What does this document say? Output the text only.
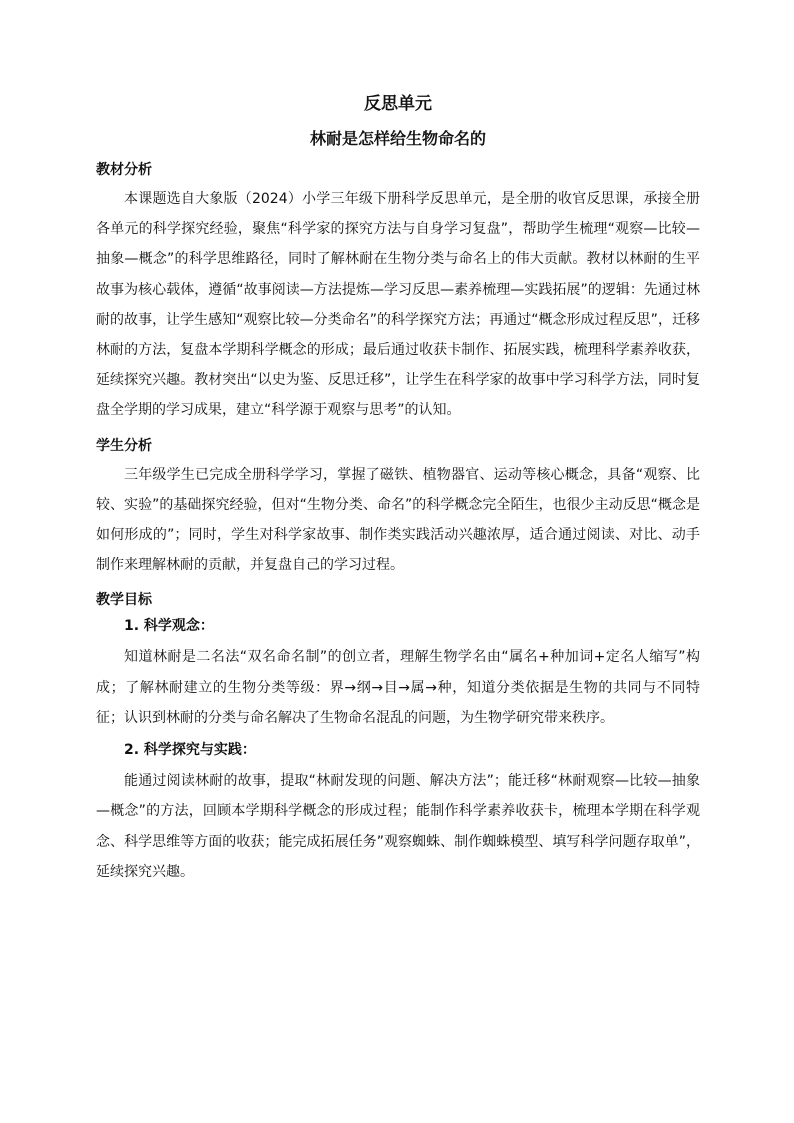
反思单元
林耐是怎样给生物命名的
教材分析

本课题选自大象版（2024）小学三年级下册科学反思单元，是全册的收官反思课，承接全册各单元的科学探究经验，聚焦“科学家的探究方法与自身学习复盘”，帮助学生梳理“观察—比较—抽象—概念”的科学思维路径，同时了解林耐在生物分类与命名上的伟大贡献。教材以林耐的生平故事为核心载体，遵循“故事阅读—方法提炼—学习反思—素养梳理—实践拓展”的逻辑：先通过林耐的故事，让学生感知“观察比较—分类命名”的科学探究方法；再通过“概念形成过程反思”，迁移林耐的方法，复盘本学期科学概念的形成；最后通过收获卡制作、拓展实践，梳理科学素养收获，延续探究兴趣。教材突出“以史为鉴、反思迁移”，让学生在科学家的故事中学习科学方法，同时复盘全学期的学习成果，建立“科学源于观察与思考”的认知。

学生分析

三年级学生已完成全册科学学习，掌握了磁铁、植物器官、运动等核心概念，具备“观察、比较、实验”的基础探究经验，但对“生物分类、命名”的科学概念完全陌生，也很少主动反思“概念是如何形成的”；同时，学生对科学家故事、制作类实践活动兴趣浓厚，适合通过阅读、对比、动手制作来理解林耐的贡献，并复盘自己的学习过程。

教学目标
1. 科学观念：

知道林耐是二名法“双名命名制”的创立者，理解生物学名由“属名+种加词+定名人缩写”构成；了解林耐建立的生物分类等级：界→纲→目→属→种，知道分类依据是生物的共同与不同特征；认识到林耐的分类与命名解决了生物命名混乱的问题，为生物学研究带来秩序。

2. 科学探究与实践：

能通过阅读林耐的故事，提取“林耐发现的问题、解决方法”；能迁移“林耐观察—比较—抽象—概念”的方法，回顾本学期科学概念的形成过程；能制作科学素养收获卡，梳理本学期在科学观念、科学思维等方面的收获；能完成拓展任务”观察蜘蛛、制作蜘蛛模型、填写科学问题存取单”，延续探究兴趣。
